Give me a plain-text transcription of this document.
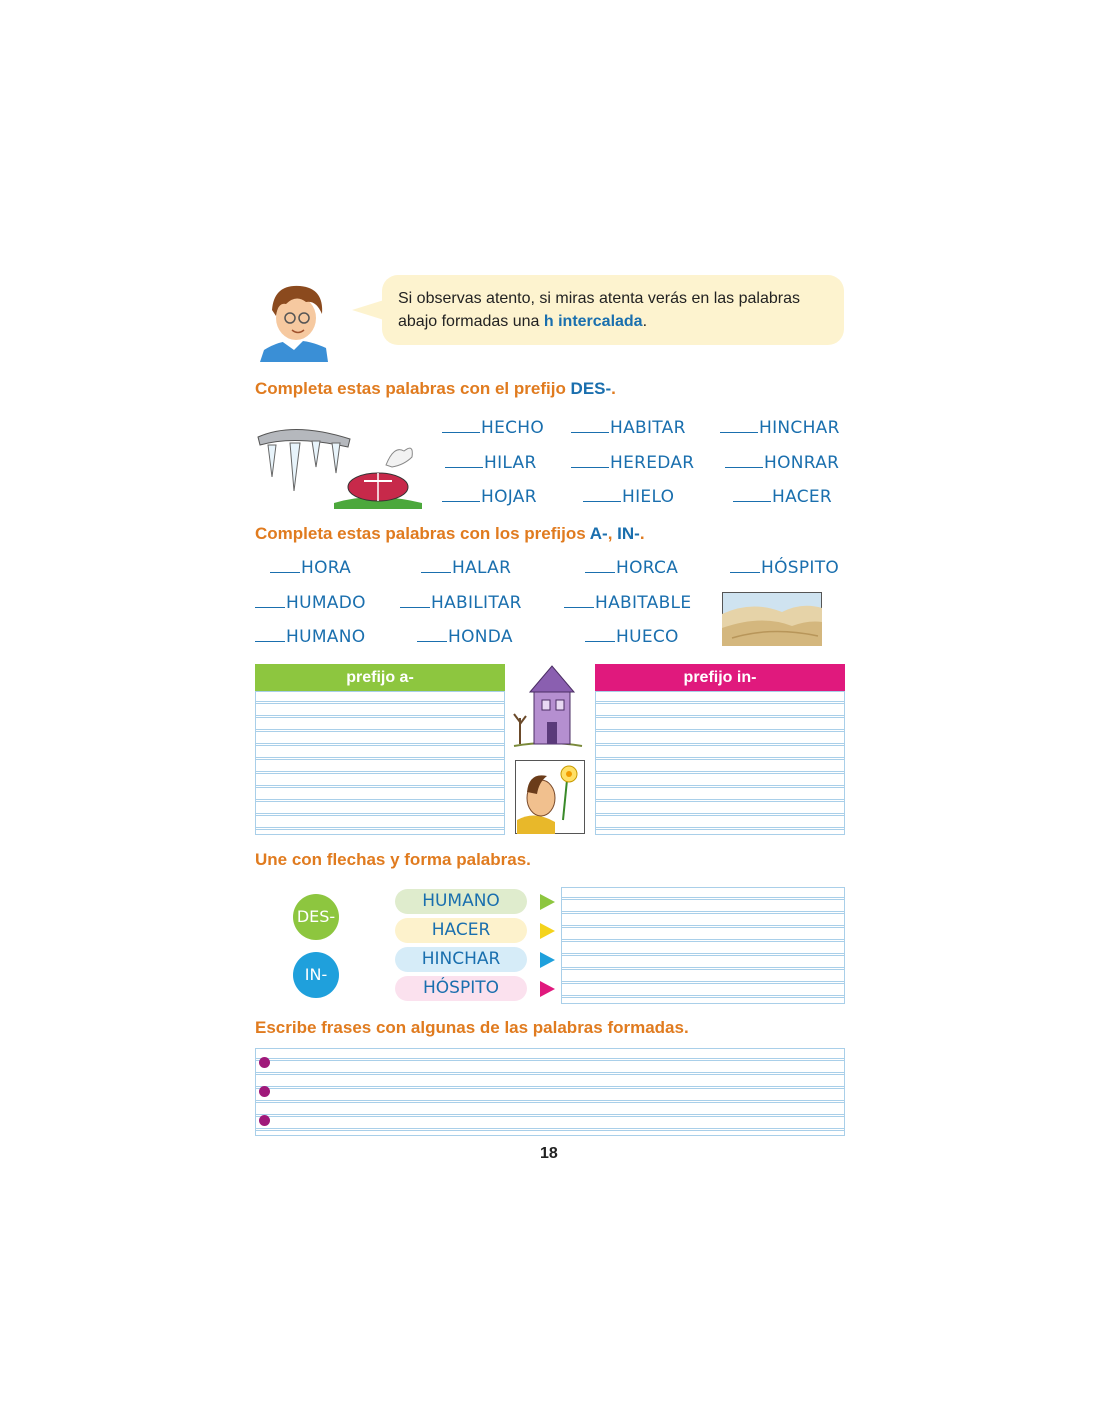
Si observas atento, si miras atenta verás en las palabras abajo formadas una h intercalada.
Completa estas palabras con el prefijo DES-.
HECHO	HABITAR	HINCHAR
HILAR	HEREDAR	HONRAR
HOJAR	HIELO	HACER
Completa estas palabras con los prefijos A-, IN-.
HORA	HALAR	HORCA	HÓSPITO
HUMADO	HABILITAR	HABITABLE
HUMANO	HONDA	HUECO
prefijo a-	prefijo in-
Une con flechas y forma palabras.
DES-
IN-
HUMANO
HACER
HINCHAR
HÓSPITO
Escribe frases con algunas de las palabras formadas.
18
